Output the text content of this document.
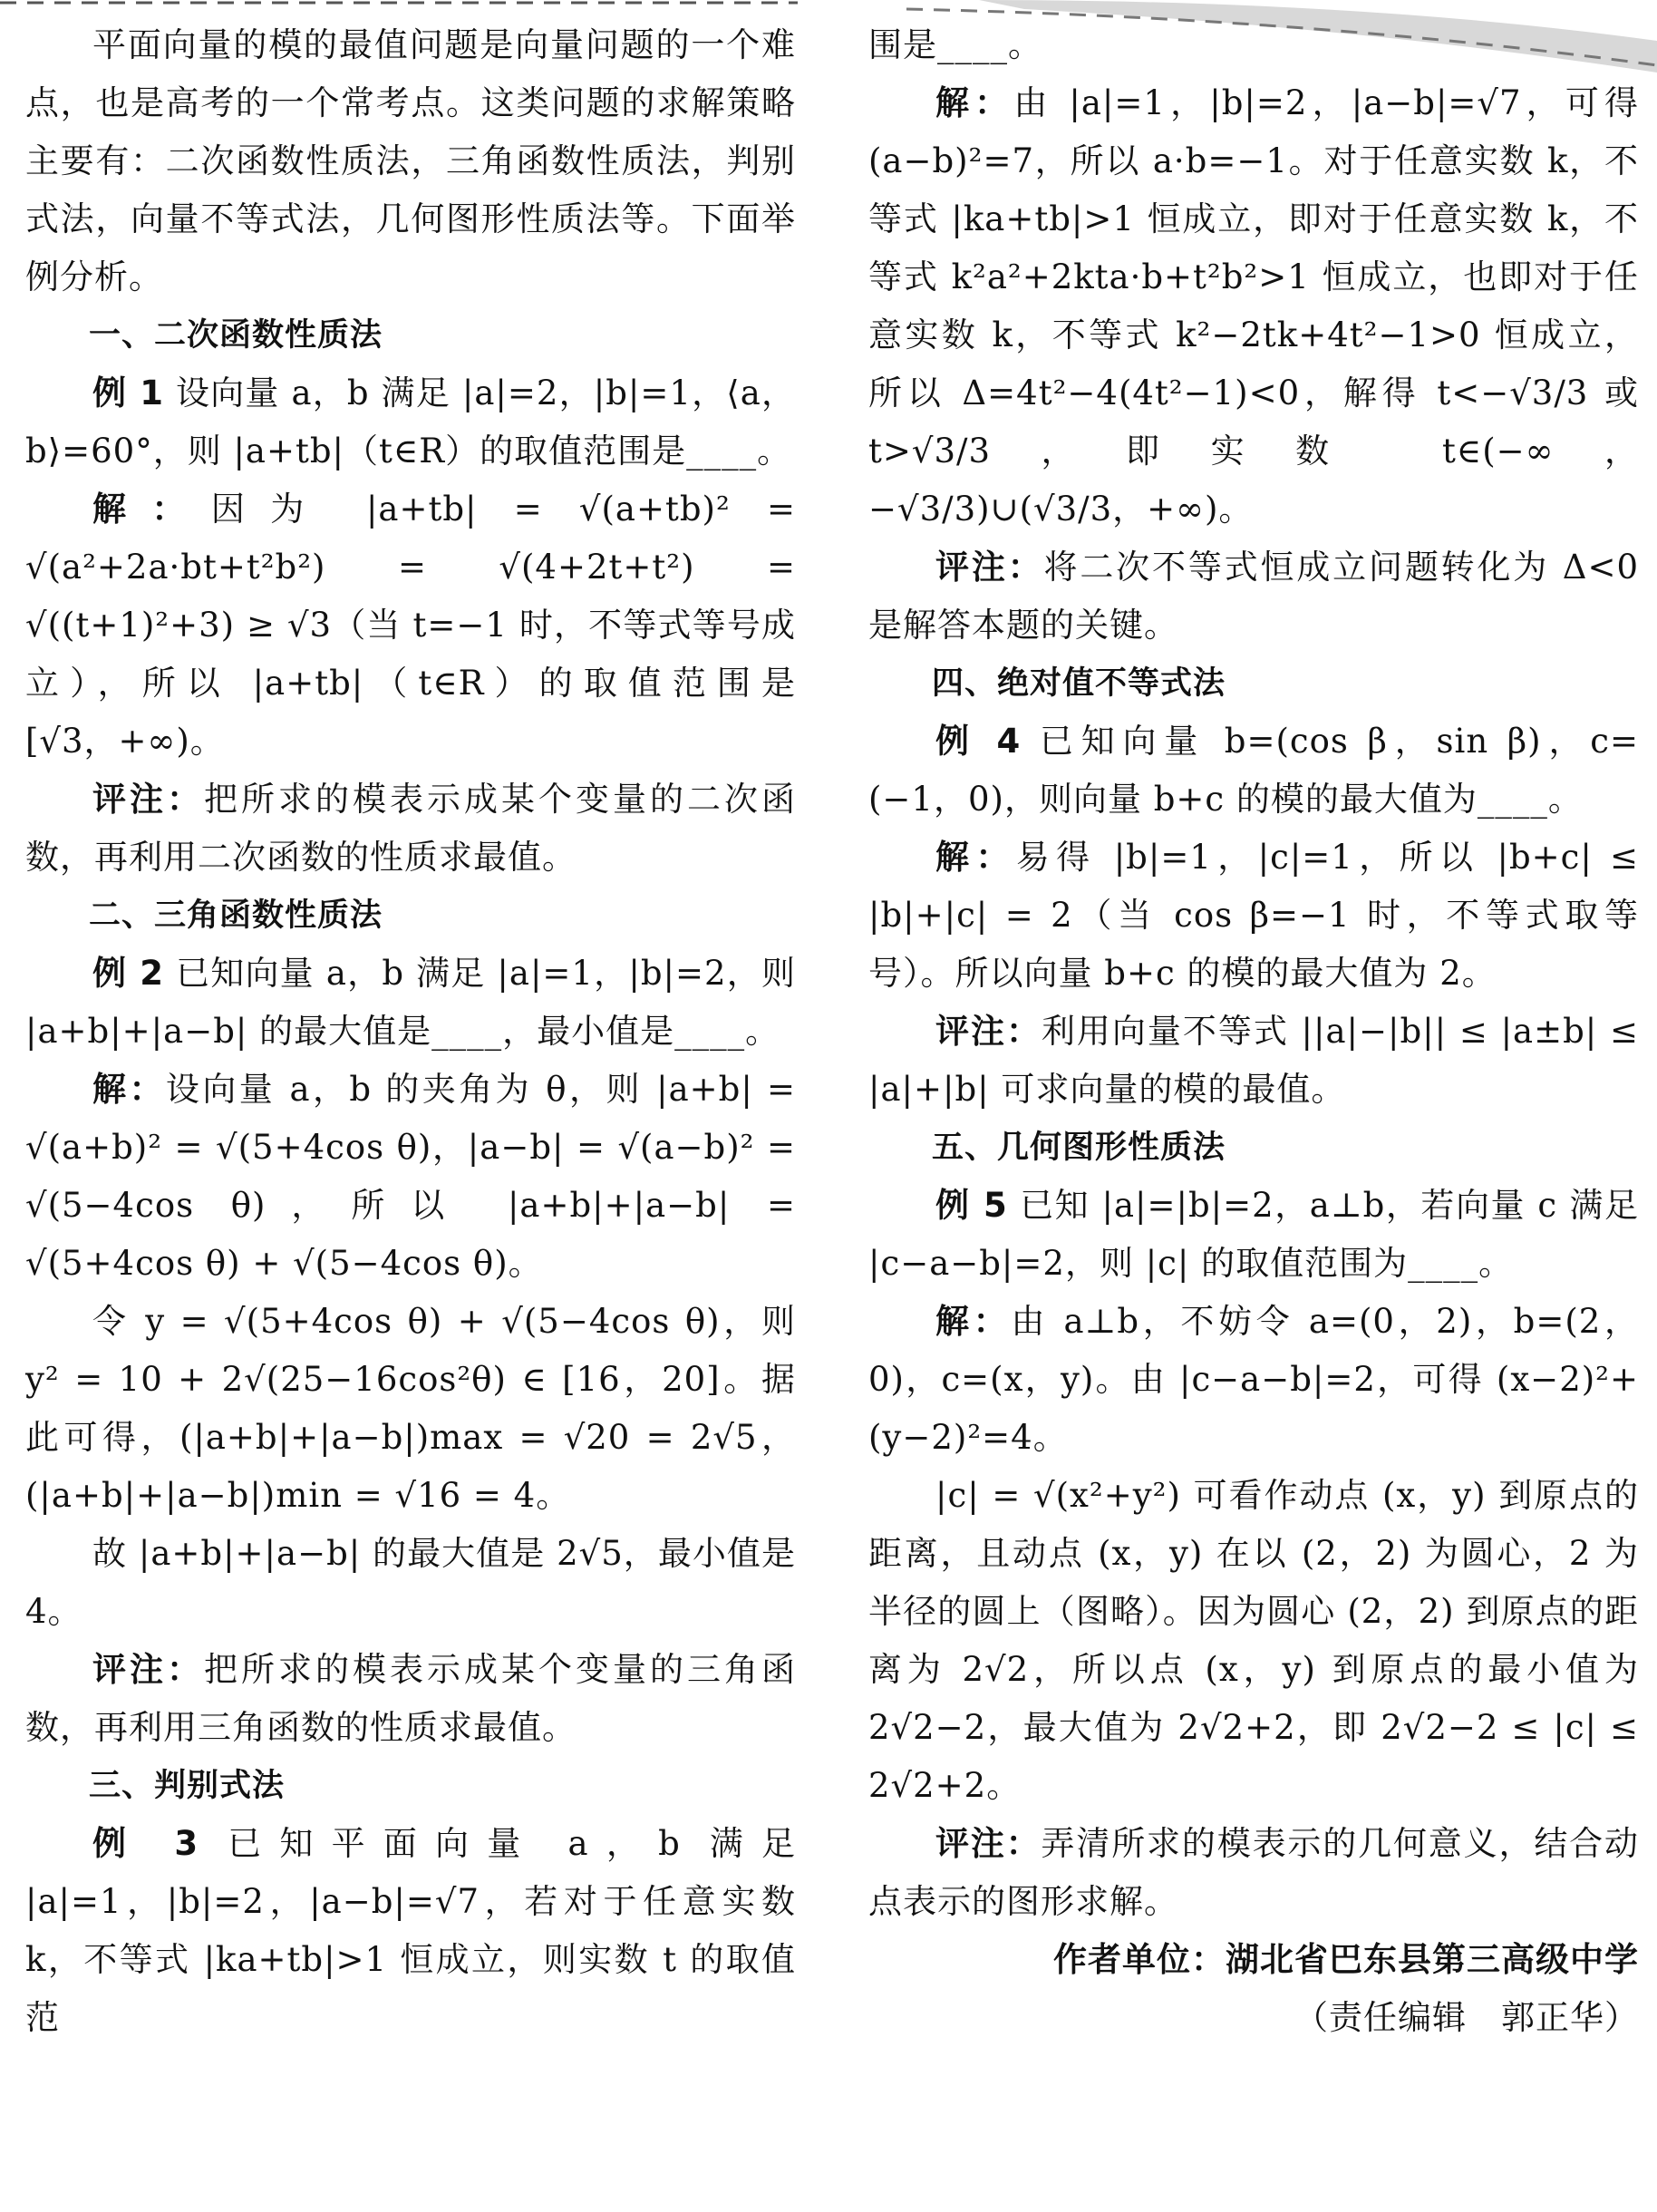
平面向量的模的最值问题是向量问题的一个难点，也是高考的一个常考点。这类问题的求解策略主要有：二次函数性质法，三角函数性质法，判别式法，向量不等式法，几何图形性质法等。下面举例分析。

一、二次函数性质法

例 1 设向量 a，b 满足 |a|=2，|b|=1，⟨a，b⟩=60°，则 |a+tb|（t∈R）的取值范围是____。

解：因为 |a+tb| = √(a+tb)² = √(a²+2a·bt+t²b²) = √(4+2t+t²) = √((t+1)²+3) ≥ √3（当 t=−1 时，不等式等号成立），所以 |a+tb|（t∈R）的取值范围是 [√3，+∞)。

评注：把所求的模表示成某个变量的二次函数，再利用二次函数的性质求最值。

二、三角函数性质法

例 2 已知向量 a，b 满足 |a|=1，|b|=2，则 |a+b|+|a−b| 的最大值是____，最小值是____。

解：设向量 a，b 的夹角为 θ，则 |a+b| = √(a+b)² = √(5+4cos θ)，|a−b| = √(a−b)² = √(5−4cos θ)，所以 |a+b|+|a−b| = √(5+4cos θ) + √(5−4cos θ)。

令 y = √(5+4cos θ) + √(5−4cos θ)，则 y² = 10 + 2√(25−16cos²θ) ∈ [16，20]。据此可得，(|a+b|+|a−b|)max = √20 = 2√5，(|a+b|+|a−b|)min = √16 = 4。

故 |a+b|+|a−b| 的最大值是 2√5，最小值是 4。

评注：把所求的模表示成某个变量的三角函数，再利用三角函数的性质求最值。

三、判别式法

例 3 已知平面向量 a，b 满足 |a|=1，|b|=2，|a−b|=√7，若对于任意实数 k，不等式 |ka+tb|>1 恒成立，则实数 t 的取值范

围是____。

解：由 |a|=1，|b|=2，|a−b|=√7，可得 (a−b)²=7，所以 a·b=−1。对于任意实数 k，不等式 |ka+tb|>1 恒成立，即对于任意实数 k，不等式 k²a²+2kta·b+t²b²>1 恒成立，也即对于任意实数 k，不等式 k²−2tk+4t²−1>0 恒成立，所以 Δ=4t²−4(4t²−1)<0，解得 t<−√3/3 或 t>√3/3，即实数 t∈(−∞，−√3/3)∪(√3/3，+∞)。

评注：将二次不等式恒成立问题转化为 Δ<0 是解答本题的关键。

四、绝对值不等式法

例 4 已知向量 b=(cos β，sin β)，c=(−1，0)，则向量 b+c 的模的最大值为____。

解：易得 |b|=1，|c|=1，所以 |b+c| ≤ |b|+|c| = 2（当 cos β=−1 时，不等式取等号）。所以向量 b+c 的模的最大值为 2。

评注：利用向量不等式 ||a|−|b|| ≤ |a±b| ≤ |a|+|b| 可求向量的模的最值。

五、几何图形性质法

例 5 已知 |a|=|b|=2，a⊥b，若向量 c 满足 |c−a−b|=2，则 |c| 的取值范围为____。

解：由 a⊥b，不妨令 a=(0，2)，b=(2，0)，c=(x，y)。由 |c−a−b|=2，可得 (x−2)²+(y−2)²=4。

|c| = √(x²+y²) 可看作动点 (x，y) 到原点的距离，且动点 (x，y) 在以 (2，2) 为圆心，2 为半径的圆上（图略）。因为圆心 (2，2) 到原点的距离为 2√2，所以点 (x，y) 到原点的最小值为 2√2−2，最大值为 2√2+2，即 2√2−2 ≤ |c| ≤ 2√2+2。

评注：弄清所求的模表示的几何意义，结合动点表示的图形求解。

作者单位：湖北省巴东县第三高级中学

（责任编辑　郭正华）
